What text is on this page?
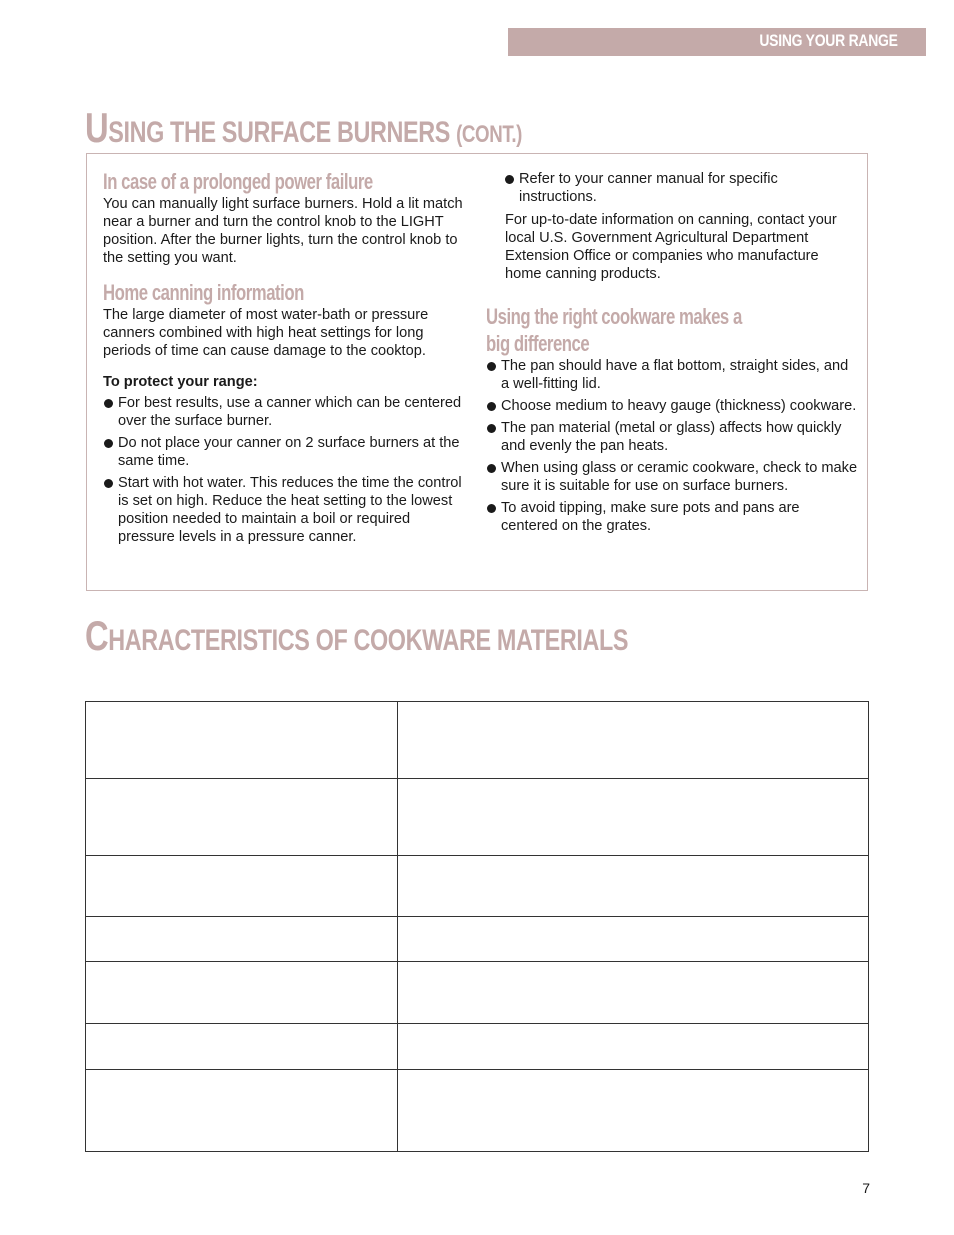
USING YOUR RANGE
USING THE SURFACE BURNERS (CONT.)
In case of a prolonged power failure

You can manually light surface burners. Hold a lit match near a burner and turn the control knob to the LIGHT position. After the burner lights, turn the control knob to the setting you want.

Home canning information

The large diameter of most water-bath or pressure canners combined with high heat settings for long periods of time can cause damage to the cooktop.

To protect your range:
For best results, use a canner which can be centered over the surface burner.
Do not place your canner on 2 surface burners at the same time.
Start with hot water. This reduces the time the control is set on high. Reduce the heat setting to the lowest position needed to maintain a boil or required pressure levels in a pressure canner.
Refer to your canner manual for specific instructions.

For up-to-date information on canning, contact your local U.S. Government Agricultural Department Extension Office or companies who manufacture home canning products.

Using the right cookware makes a
big difference
The pan should have a flat bottom, straight sides, and a well-fitting lid.
Choose medium to heavy gauge (thickness) cookware.
The pan material (metal or glass) affects how quickly and evenly the pan heats.
When using glass or ceramic cookware, check to make sure it is suitable for use on surface burners.
To avoid tipping, make sure pots and pans are centered on the grates.
CHARACTERISTICS OF COOKWARE MATERIALS

7
